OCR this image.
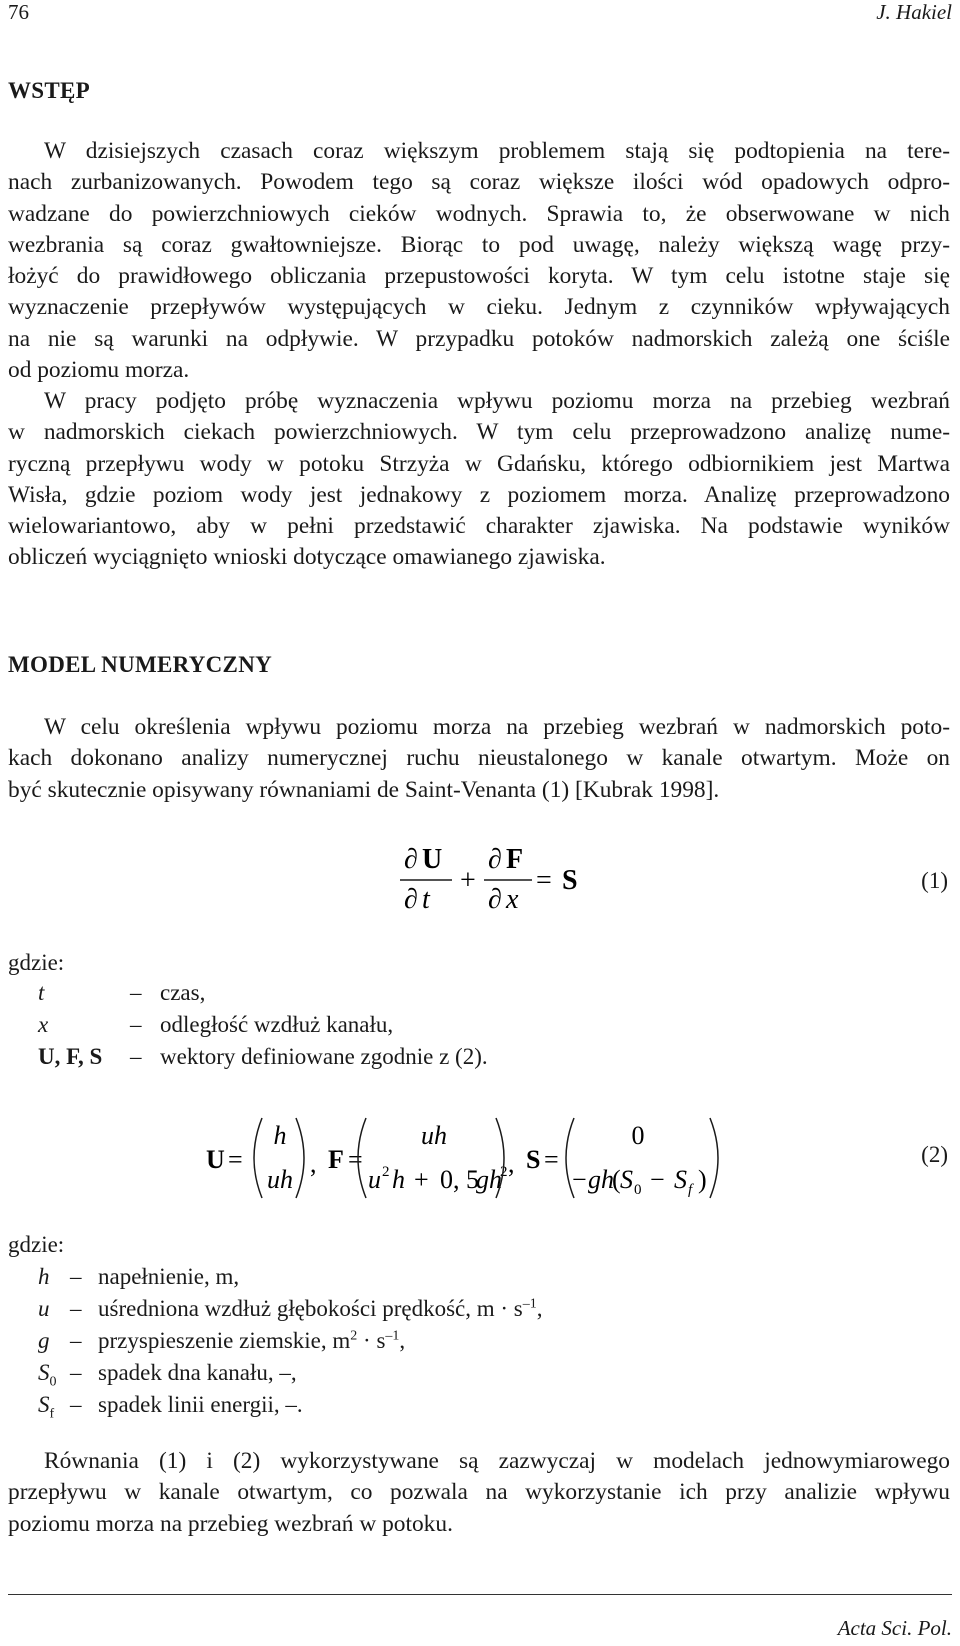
76	J. Hakiel
WSTĘP

W dzisiejszych czasach coraz większym problemem stają się podtopienia na tere-
nach zurbanizowanych. Powodem tego są coraz większe ilości wód opadowych odpro-
wadzane do powierzchniowych cieków wodnych. Sprawia to, że obserwowane w nich
wezbrania są coraz gwałtowniejsze. Biorąc to pod uwagę, należy większą wagę przy-
łożyć do prawidłowego obliczania przepustowości koryta. W tym celu istotne staje się
wyznaczenie przepływów występujących w cieku. Jednym z czynników wpływających
na nie są warunki na odpływie. W przypadku potoków nadmorskich zależą one ściśle
od poziomu morza.

W pracy podjęto próbę wyznaczenia wpływu poziomu morza na przebieg wezbrań
w nadmorskich ciekach powierzchniowych. W tym celu przeprowadzono analizę nume-
ryczną przepływu wody w potoku Strzyża w Gdańsku, którego odbiornikiem jest Martwa
Wisła, gdzie poziom wody jest jednakowy z poziomem morza. Analizę przeprowadzono
wielowariantowo, aby w pełni przedstawić charakter zjawiska. Na podstawie wyników
obliczeń wyciągnięto wnioski dotyczące omawianego zjawiska.

MODEL NUMERYCZNY

W celu określenia wpływu poziomu morza na przebieg wezbrań w nadmorskich poto-
kach dokonano analizy numerycznej ruchu nieustalonego w kanale otwartym. Może on
być skutecznie opisywany równaniami de Saint-Venanta (1) [Kubrak 1998].

∂ U
∂ t
+
∂ F
∂ x
= S	(1)
gdzie:
t	– czas,
x	– odległość wzdłuż kanału,
U, F, S	– wektory definiowane zgodnie z (2).
U =
h
uh
, F =
uh
u 2 h + 0, 5
gh
2 , S =
0
− gh
( S 0 − S f )
(2)
gdzie:
h – napełnienie, m,
u – uśredniona wzdłuż głębokości prędkość, $m \cdot s^{-1}$,
g – przyspieszenie ziemskie, $m^2 \cdot s^{-1}$,
$S_0$ – spadek dna kanału, –,
$S_f$ – spadek linii energii, –.

Równania (1) i (2) wykorzystywane są zazwyczaj w modelach jednowymiarowego
przepływu w kanale otwartym, co pozwala na wykorzystanie ich przy analizie wpływu
poziomu morza na przebieg wezbrań w potoku.

Acta Sci. Pol.
